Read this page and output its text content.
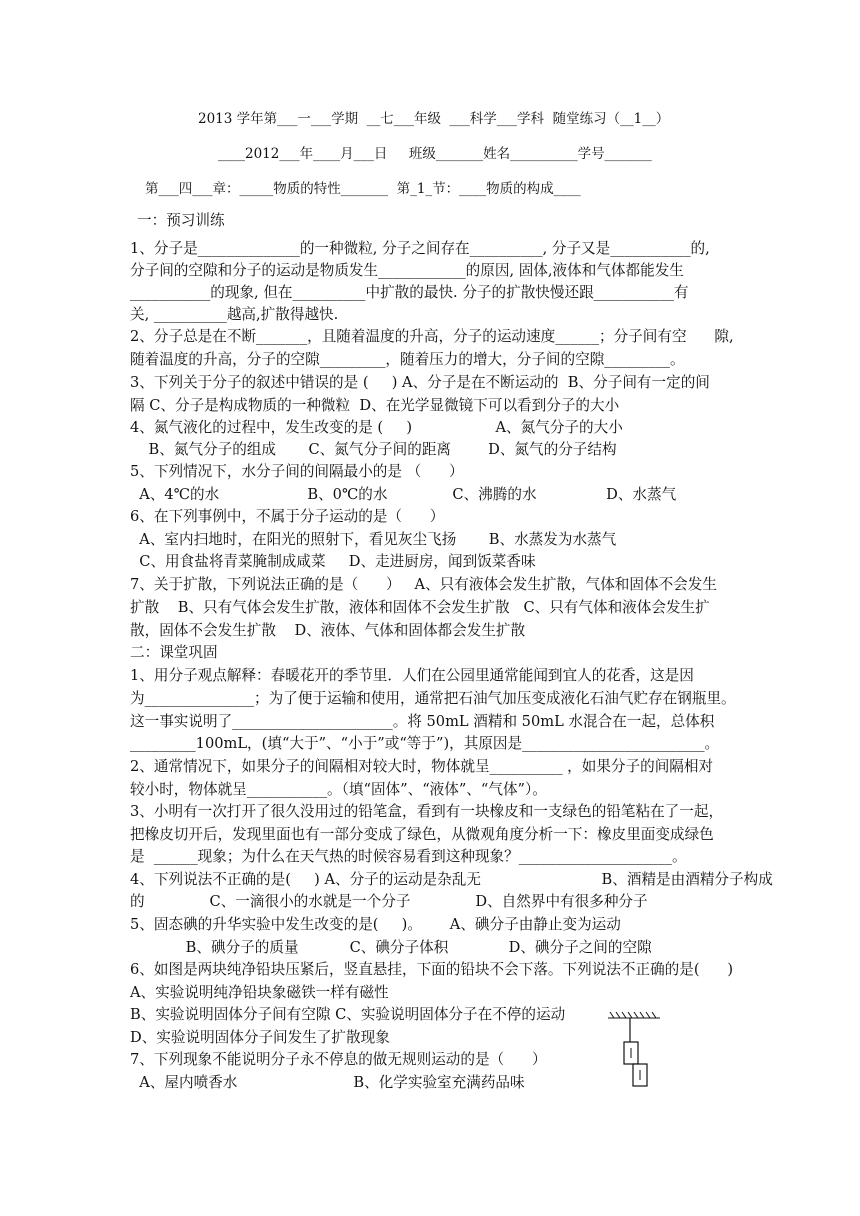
2013 学年第___一___学期  __七___年级  ___科学___学科  随堂练习（__1__）
____2012___年____月___日     班级_______姓名__________学号_______
第___四___章：_____物质的特性_______  第_1_节：____物质的构成____
一：预习训练
1、分子是______________的一种微粒, 分子之间存在__________, 分子又是___________的,
分子间的空隙和分子的运动是物质发生____________的原因, 固体,液体和气体都能发生
___________的现象, 但在__________中扩散的最快. 分子的扩散快慢还跟___________有
关, __________越高,扩散得越快.
2、分子总是在不断_______，且随着温度的升高，分子的运动速度______；分子间有空      隙,
随着温度的升高，分子的空隙_________，随着压力的增大，分子间的空隙_________。
3、下列关于分子的叙述中错误的是 (     ) A、分子是在不断运动的  B、分子间有一定的间
隔 C、分子是构成物质的一种微粒  D、在光学显微镜下可以看到分子的大小
4、氮气液化的过程中，发生改变的是 (     )                  A、氮气分子的大小
B、氮气分子的组成       C、氮气分子间的距离        D、氮气的分子结构
5、下列情况下，水分子间的间隔最小的是 （      ）
A、4℃的水                   B、0℃的水              C、沸腾的水               D、水蒸气
6、在下列事例中，不属于分子运动的是（      ）
A、室内扫地时，在阳光的照射下，看见灰尘飞扬       B、水蒸发为水蒸气
C、用食盐将青菜腌制成咸菜     D、走进厨房，闻到饭菜香味
7、关于扩散，下列说法正确的是（      ）   A、只有液体会发生扩散，气体和固体不会发生
扩散    B、只有气体会发生扩散，液体和固体不会发生扩散   C、只有气体和液体会发生扩
散，固体不会发生扩散    D、液体、气体和固体都会发生扩散
二：课堂巩固
1、用分子观点解释：春暖花开的季节里．人们在公园里通常能闻到宜人的花香，这是因
为_______________；为了便于运输和使用，通常把石油气加压变成液化石油气贮存在钢瓶里。
这一事实说明了______________________。将 50mL 酒精和 50mL 水混合在一起，总体积
_________100mL，(填“大于”、“小于”或“等于”)，其原因是_________________________。
2、通常情况下，如果分子的间隔相对较大时，物体就呈__________ ，如果分子的间隔相对
较小时，物体就呈___________。（填“固体”、“液体”、“气体”）。
3、小明有一次打开了很久没用过的铅笔盒，看到有一块橡皮和一支绿色的铅笔粘在了一起，
把橡皮切开后，发现里面也有一部分变成了绿色，从微观角度分析一下：橡皮里面变成绿色
是  ______现象；为什么在天气热的时候容易看到这种现象？_____________________。
4、下列说法不正确的是(     ) A、分子的运动是杂乱无                          B、酒精是由酒精分子构成
的              C、一滴很小的水就是一个分子              D、自然界中有很多种分子
5、固态碘的升华实验中发生改变的是(     )。      A、碘分子由静止变为运动
B、碘分子的质量           C、碘分子体积             D、碘分子之间的空隙
6、如图是两块纯净铅块压紧后，竖直悬挂，下面的铅块不会下落。下列说法不正确的是(      )
A、实验说明纯净铅块象磁铁一样有磁性
B、实验说明固体分子间有空隙 C、实验说明固体分子在不停的运动
D、实验说明固体分子间发生了扩散现象
7、下列现象不能说明分子永不停息的做无规则运动的是（      ）
A、屋内喷香水                         B、化学实验室充满药品味
